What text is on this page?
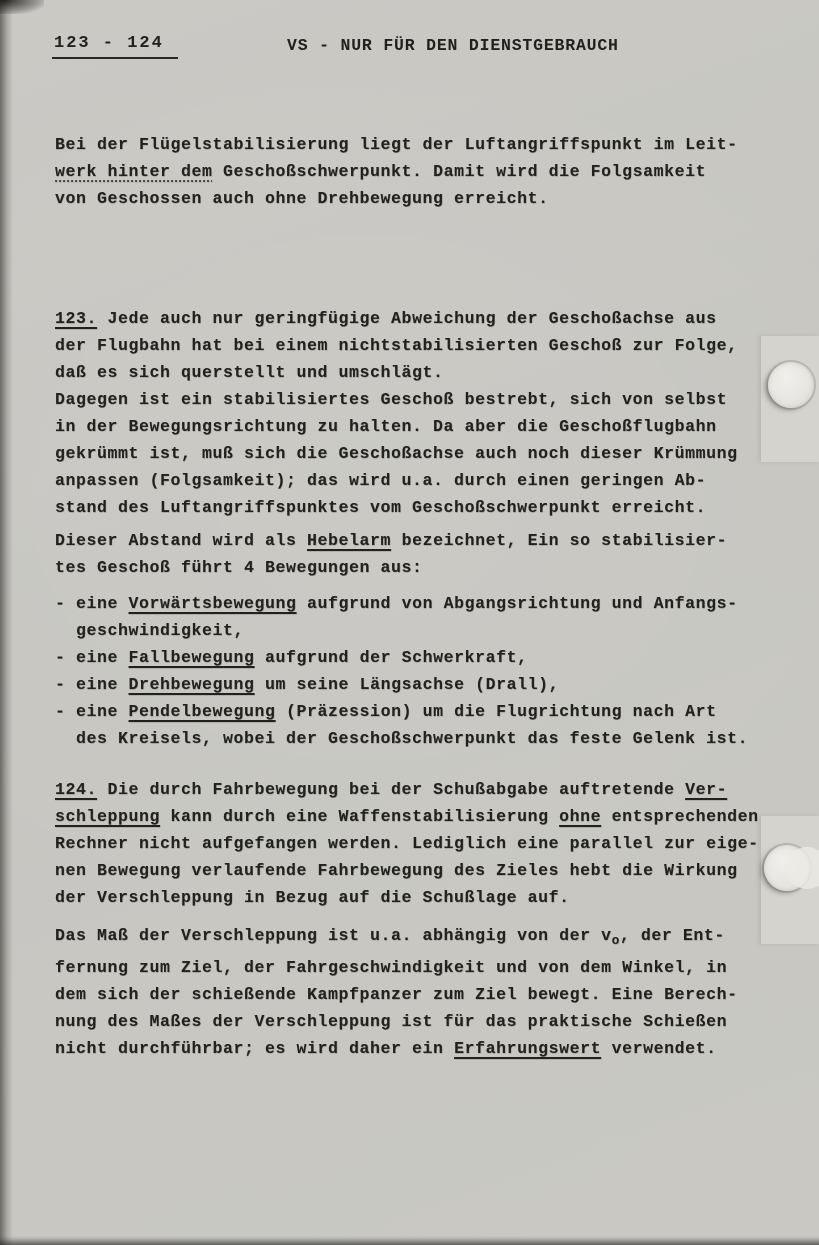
123 - 124	VS - NUR FÜR DEN DIENSTGEBRAUCH
Bei der Flügelstabilisierung liegt der Luftangriffspunkt im Leit-
werk hinter dem Geschoßschwerpunkt. Damit wird die Folgsamkeit
von Geschossen auch ohne Drehbewegung erreicht.
123. Jede auch nur geringfügige Abweichung der Geschoßachse aus
der Flugbahn hat bei einem nichtstabilisierten Geschoß zur Folge,
daß es sich querstellt und umschlägt.
Dagegen ist ein stabilisiertes Geschoß bestrebt, sich von selbst
in der Bewegungsrichtung zu halten. Da aber die Geschoßflugbahn
gekrümmt ist, muß sich die Geschoßachse auch noch dieser Krümmung
anpassen (Folgsamkeit); das wird u.a. durch einen geringen Ab-
stand des Luftangriffspunktes vom Geschoßschwerpunkt erreicht.
Dieser Abstand wird als Hebelarm bezeichnet, Ein so stabilisier-
tes Geschoß führt 4 Bewegungen aus:
- eine Vorwärtsbewegung aufgrund von Abgangsrichtung und Anfangs-
geschwindigkeit,
- eine Fallbewegung aufgrund der Schwerkraft,
- eine Drehbewegung um seine Längsachse (Drall),
- eine Pendelbewegung (Präzession) um die Flugrichtung nach Art
des Kreisels, wobei der Geschoßschwerpunkt das feste Gelenk ist.
124. Die durch Fahrbewegung bei der Schußabgabe auftretende Ver-
schleppung kann durch eine Waffenstabilisierung ohne entsprechenden
Rechner nicht aufgefangen werden. Lediglich eine parallel zur eige-
nen Bewegung verlaufende Fahrbewegung des Zieles hebt die Wirkung
der Verschleppung in Bezug auf die Schußlage auf.
Das Maß der Verschleppung ist u.a. abhängig von der $v_o$, der Ent-
fernung zum Ziel, der Fahrgeschwindigkeit und von dem Winkel, in
dem sich der schießende Kampfpanzer zum Ziel bewegt. Eine Berech-
nung des Maßes der Verschleppung ist für das praktische Schießen
nicht durchführbar; es wird daher ein Erfahrungswert verwendet.
